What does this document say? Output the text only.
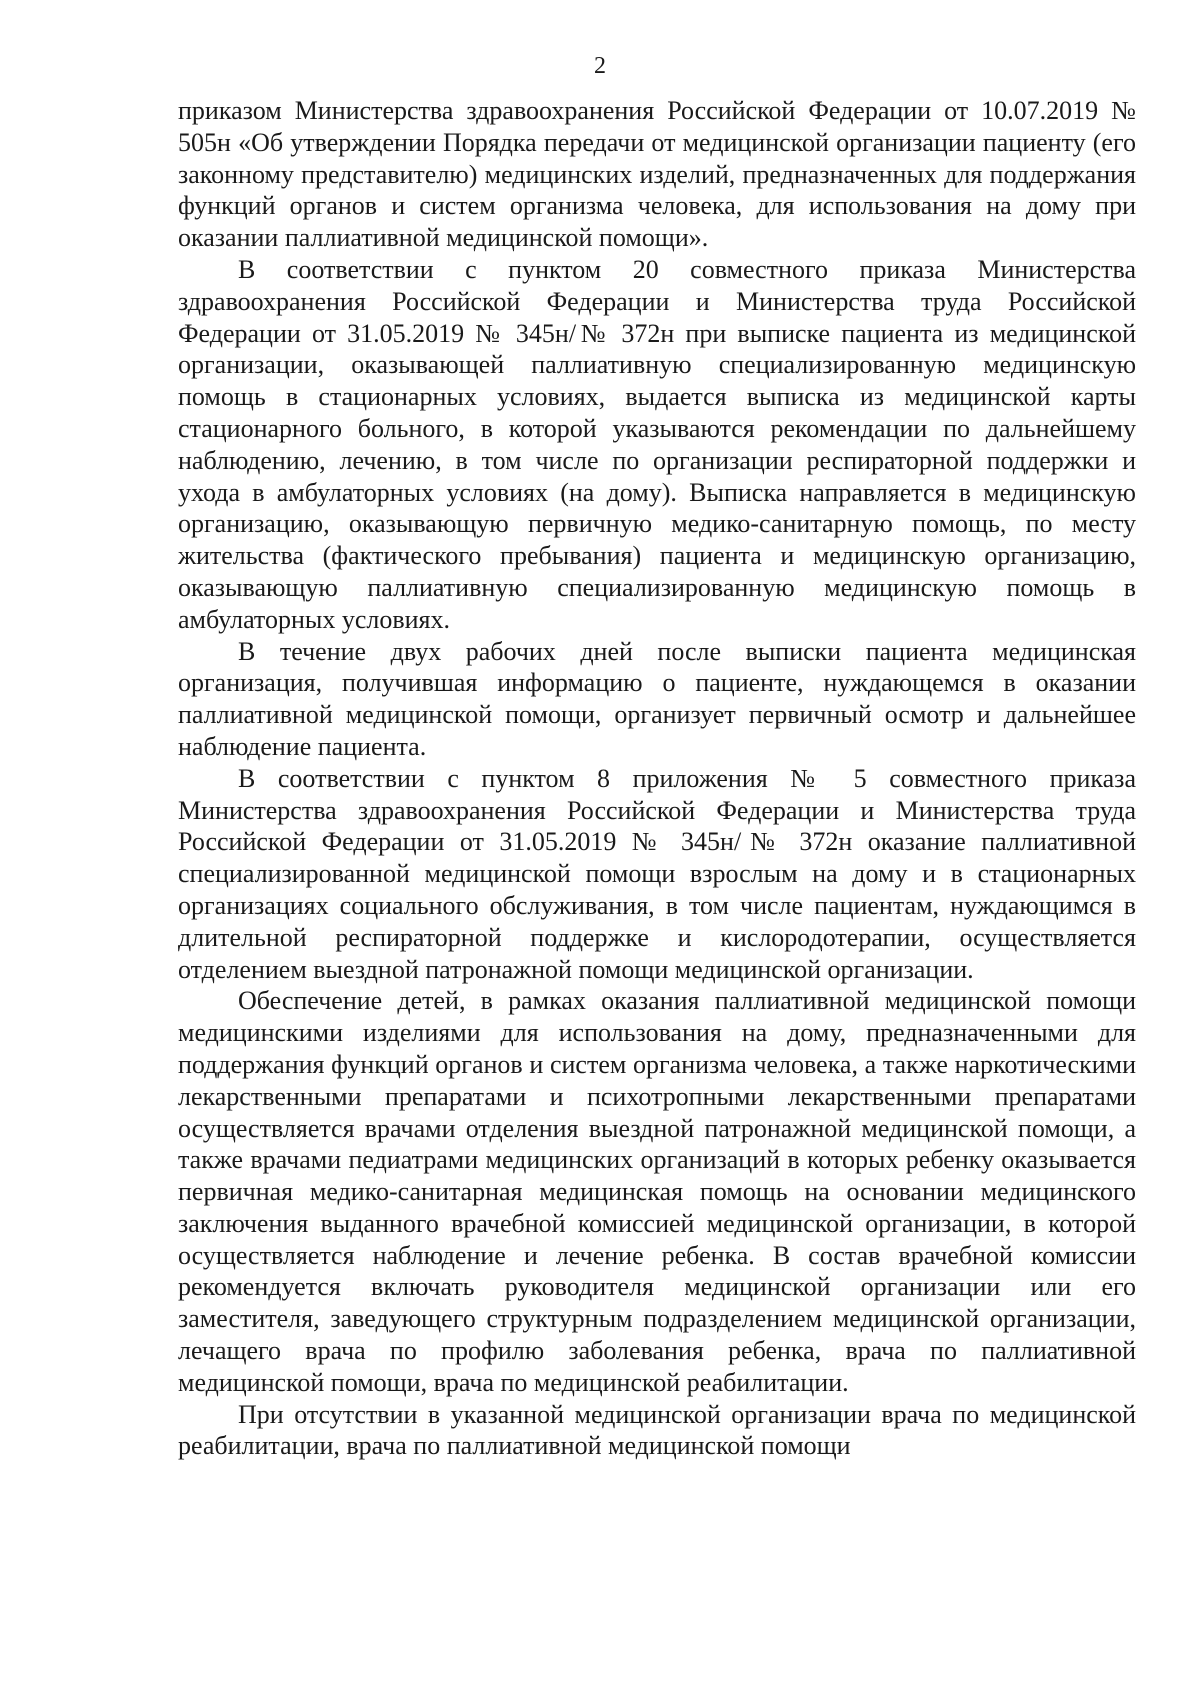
2

приказом Министерства здравоохранения Российской Федерации от 10.07.2019 № 505н «Об утверждении Порядка передачи от медицинской организации пациенту (его законному представителю) медицинских изделий, предназначенных для поддержания функций органов и систем организма человека, для использования на дому при оказании паллиативной медицинской помощи».

В соответствии с пунктом 20 совместного приказа Министерства здравоохранения Российской Федерации и Министерства труда Российской Федерации от 31.05.2019 № 345н/№ 372н при выписке пациента из медицинской организации, оказывающей паллиативную специализированную медицинскую помощь в стационарных условиях, выдается выписка из медицинской карты стационарного больного, в которой указываются рекомендации по дальнейшему наблюдению, лечению, в том числе по организации респираторной поддержки и ухода в амбулаторных условиях (на дому). Выписка направляется в медицинскую организацию, оказывающую первичную медико-санитарную помощь, по месту жительства (фактического пребывания) пациента и медицинскую организацию, оказывающую паллиативную специализированную медицинскую помощь в амбулаторных условиях.

В течение двух рабочих дней после выписки пациента медицинская организация, получившая информацию о пациенте, нуждающемся в оказании паллиативной медицинской помощи, организует первичный осмотр и дальнейшее наблюдение пациента.

В соответствии с пунктом 8 приложения № 5 совместного приказа Министерства здравоохранения Российской Федерации и Министерства труда Российской Федерации от 31.05.2019 № 345н/№ 372н оказание паллиативной специализированной медицинской помощи взрослым на дому и в стационарных организациях социального обслуживания, в том числе пациентам, нуждающимся в длительной респираторной поддержке и кислородотерапии, осуществляется отделением выездной патронажной помощи медицинской организации.

Обеспечение детей, в рамках оказания паллиативной медицинской помощи медицинскими изделиями для использования на дому, предназначенными для поддержания функций органов и систем организма человека, а также наркотическими лекарственными препаратами и психотропными лекарственными препаратами осуществляется врачами отделения выездной патронажной медицинской помощи, а также врачами педиатрами медицинских организаций в которых ребенку оказывается первичная медико-санитарная медицинская помощь на основании медицинского заключения выданного врачебной комиссией медицинской организации, в которой осуществляется наблюдение и лечение ребенка. В состав врачебной комиссии рекомендуется включать руководителя медицинской организации или его заместителя, заведующего структурным подразделением медицинской организации, лечащего врача по профилю заболевания ребенка, врача по паллиативной медицинской помощи, врача по медицинской реабилитации.

При отсутствии в указанной медицинской организации врача по медицинской реабилитации, врача по паллиативной медицинской помощи
